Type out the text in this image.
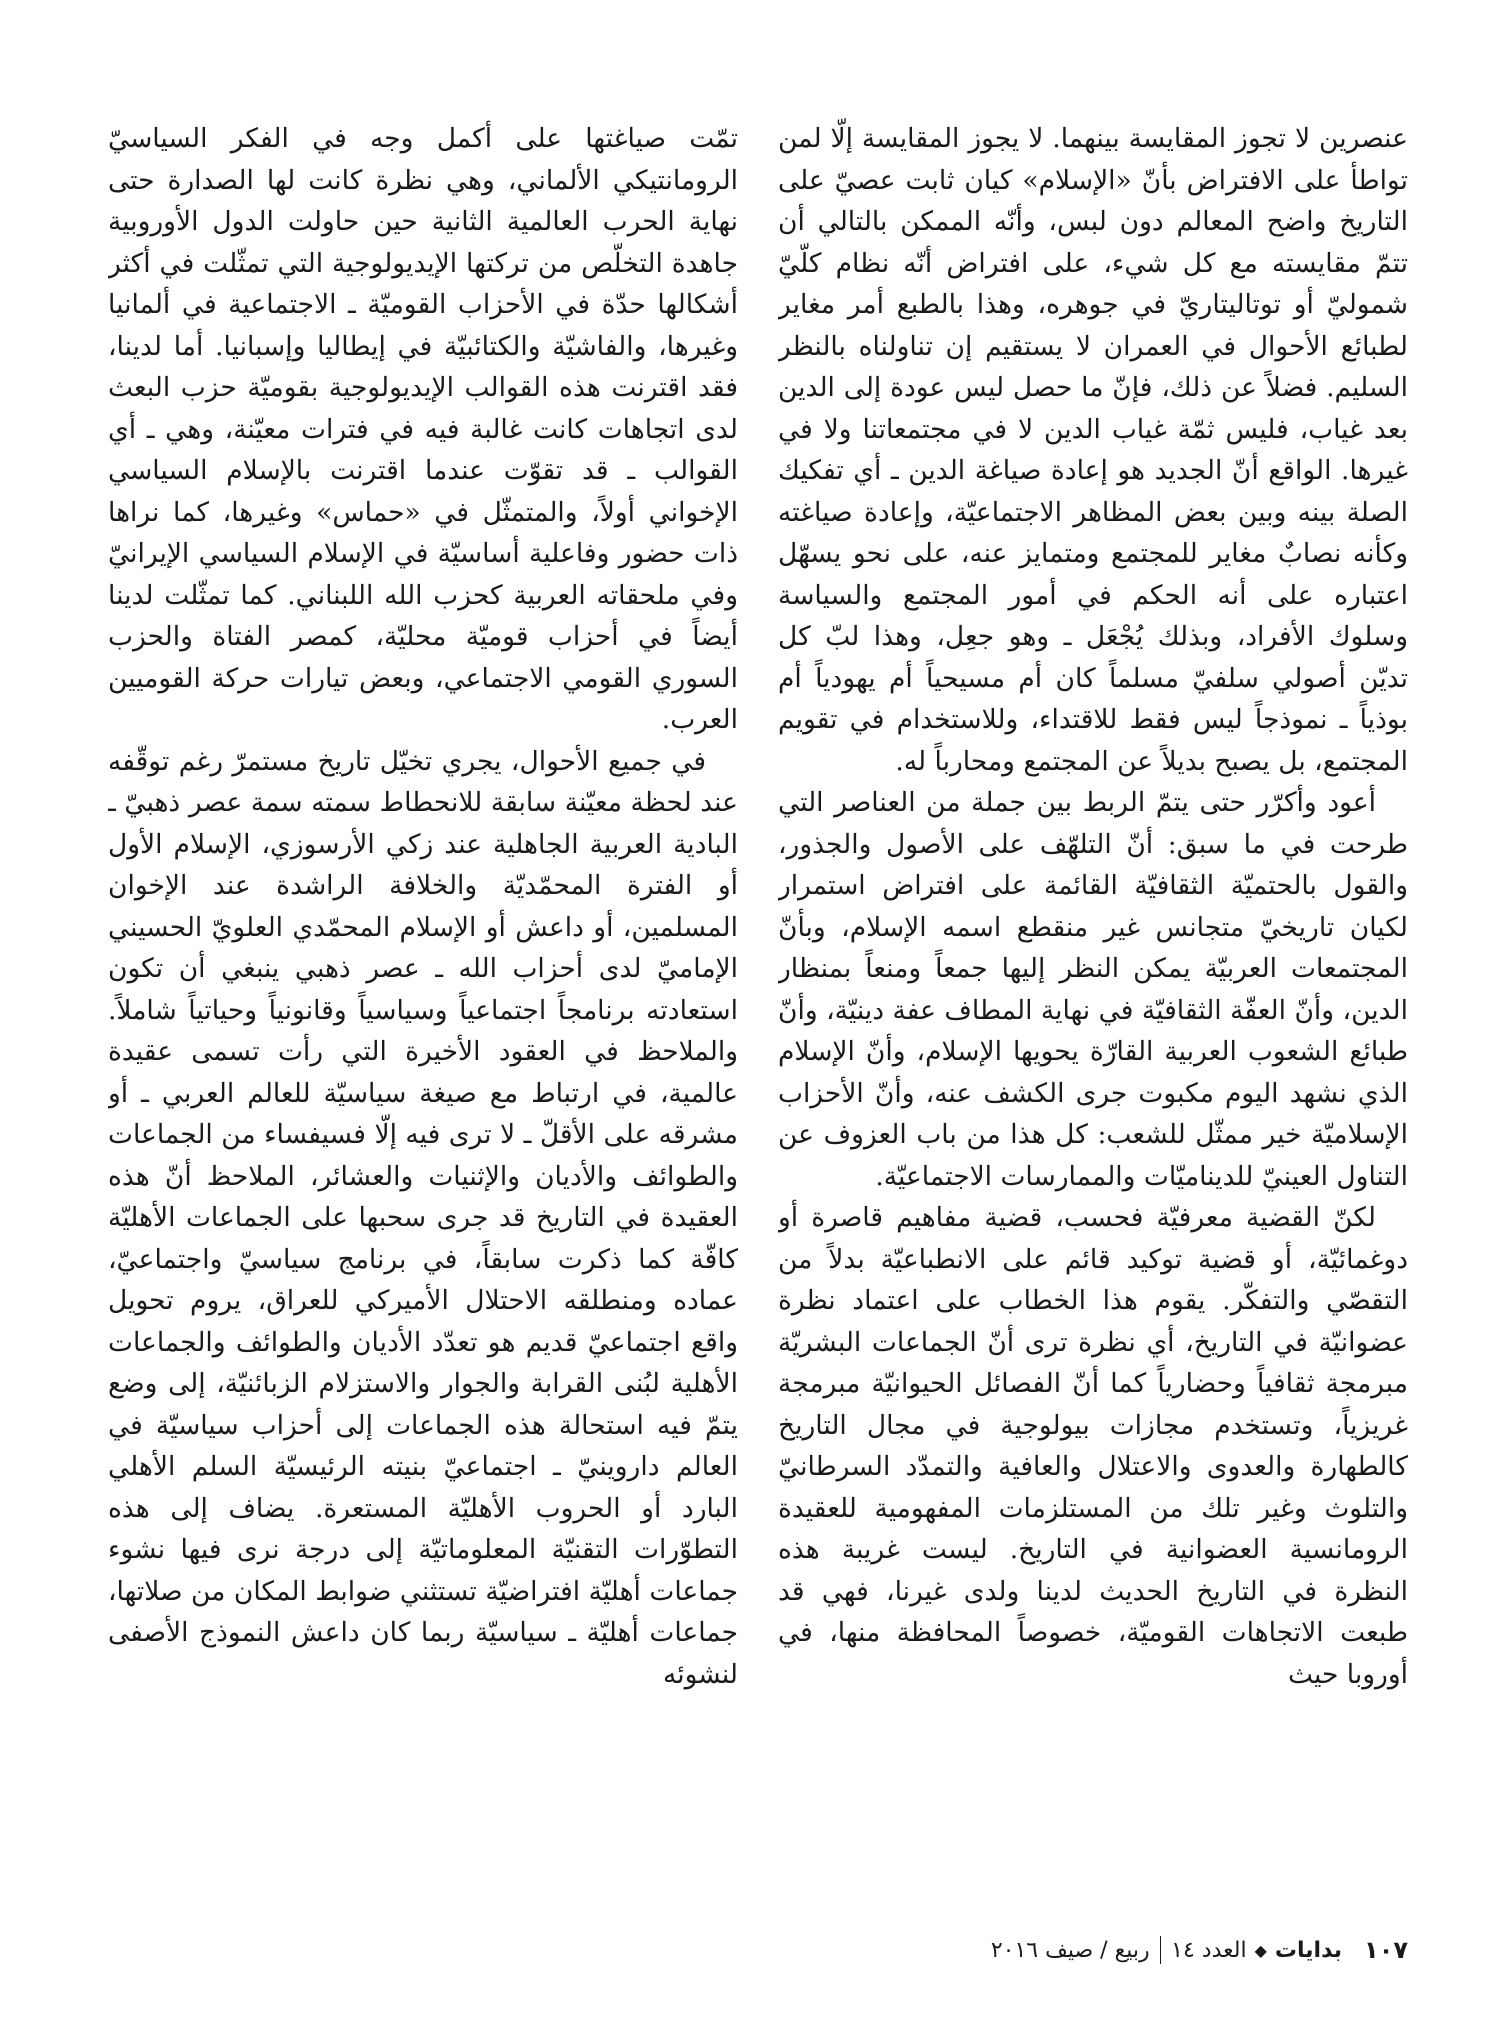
عنصرين لا تجوز المقايسة بينهما. لا يجوز المقايسة إلّا لمن تواطأ على الافتراض بأنّ «الإسلام» كيان ثابت عصيّ على التاريخ واضح المعالم دون لبس، وأنّه الممكن بالتالي أن تتمّ مقايسته مع كل شيء، على افتراض أنّه نظام كلّيّ شموليّ أو توتاليتاريّ في جوهره، وهذا بالطبع أمر مغاير لطبائع الأحوال في العمران لا يستقيم إن تناولناه بالنظر السليم. فضلاً عن ذلك، فإنّ ما حصل ليس عودة إلى الدين بعد غياب، فليس ثمّة غياب الدين لا في مجتمعاتنا ولا في غيرها. الواقع أنّ الجديد هو إعادة صياغة الدين ـ أي تفكيك الصلة بينه وبين بعض المظاهر الاجتماعيّة، وإعادة صياغته وكأنه نصابٌ مغاير للمجتمع ومتمايز عنه، على نحو يسهّل اعتباره على أنه الحكم في أمور المجتمع والسياسة وسلوك الأفراد، وبذلك يُجْعَل ـ وهو جعِل، وهذا لبّ كل تديّن أصولي سلفيّ مسلماً كان أم مسيحياً أم يهودياً أم بوذياً ـ نموذجاً ليس فقط للاقتداء، وللاستخدام في تقويم المجتمع، بل يصبح بديلاً عن المجتمع ومحارباً له.

أعود وأكرّر حتى يتمّ الربط بين جملة من العناصر التي طرحت في ما سبق: أنّ التلهّف على الأصول والجذور، والقول بالحتميّة الثقافيّة القائمة على افتراض استمرار لكيان تاريخيّ متجانس غير منقطع اسمه الإسلام، وبأنّ المجتمعات العربيّة يمكن النظر إليها جمعاً ومنعاً بمنظار الدين، وأنّ العفّة الثقافيّة في نهاية المطاف عفة دينيّة، وأنّ طبائع الشعوب العربية القارّة يحويها الإسلام، وأنّ الإسلام الذي نشهد اليوم مكبوت جرى الكشف عنه، وأنّ الأحزاب الإسلاميّة خير ممثّل للشعب: كل هذا من باب العزوف عن التناول العينيّ للديناميّات والممارسات الاجتماعيّة.

لكنّ القضية معرفيّة فحسب، قضية مفاهيم قاصرة أو دوغمائيّة، أو قضية توكيد قائم على الانطباعيّة بدلاً من التقصّي والتفكّر. يقوم هذا الخطاب على اعتماد نظرة عضوانيّة في التاريخ، أي نظرة ترى أنّ الجماعات البشريّة مبرمجة ثقافياً وحضارياً كما أنّ الفصائل الحيوانيّة مبرمجة غريزياً، وتستخدم مجازات بيولوجية في مجال التاريخ كالطهارة والعدوى والاعتلال والعافية والتمدّد السرطانيّ والتلوث وغير تلك من المستلزمات المفهومية للعقيدة الرومانسية العضوانية في التاريخ. ليست غريبة هذه النظرة في التاريخ الحديث لدينا ولدى غيرنا، فهي قد طبعت الاتجاهات القوميّة، خصوصاً المحافظة منها، في أوروبا حيث

تمّت صياغتها على أكمل وجه في الفكر السياسيّ الرومانتيكي الألماني، وهي نظرة كانت لها الصدارة حتى نهاية الحرب العالمية الثانية حين حاولت الدول الأوروبية جاهدة التخلّص من تركتها الإيديولوجية التي تمثّلت في أكثر أشكالها حدّة في الأحزاب القوميّة ـ الاجتماعية في ألمانيا وغيرها، والفاشيّة والكتائبيّة في إيطاليا وإسبانيا. أما لدينا، فقد اقترنت هذه القوالب الإيديولوجية بقوميّة حزب البعث لدى اتجاهات كانت غالبة فيه في فترات معيّنة، وهي ـ أي القوالب ـ قد تقوّت عندما اقترنت بالإسلام السياسي الإخواني أولاً، والمتمثّل في «حماس» وغيرها، كما نراها ذات حضور وفاعلية أساسيّة في الإسلام السياسي الإيرانيّ وفي ملحقاته العربية كحزب الله اللبناني. كما تمثّلت لدينا أيضاً في أحزاب قوميّة محليّة، كمصر الفتاة والحزب السوري القومي الاجتماعي، وبعض تيارات حركة القوميين العرب.

في جميع الأحوال، يجري تخيّل تاريخ مستمرّ رغم توقّفه عند لحظة معيّنة سابقة للانحطاط سمته سمة عصر ذهبيّ ـ البادية العربية الجاهلية عند زكي الأرسوزي، الإسلام الأول أو الفترة المحمّديّة والخلافة الراشدة عند الإخوان المسلمين، أو داعش أو الإسلام المحمّدي العلويّ الحسيني الإماميّ لدى أحزاب الله ـ عصر ذهبي ينبغي أن تكون استعادته برنامجاً اجتماعياً وسياسياً وقانونياً وحياتياً شاملاً. والملاحظ في العقود الأخيرة التي رأت تسمى عقيدة عالمية، في ارتباط مع صيغة سياسيّة للعالم العربي ـ أو مشرقه على الأقلّ ـ لا ترى فيه إلّا فسيفساء من الجماعات والطوائف والأديان والإثنيات والعشائر، الملاحظ أنّ هذه العقيدة في التاريخ قد جرى سحبها على الجماعات الأهليّة كافّة كما ذكرت سابقاً، في برنامج سياسيّ واجتماعيّ، عماده ومنطلقه الاحتلال الأميركي للعراق، يروم تحويل واقع اجتماعيّ قديم هو تعدّد الأديان والطوائف والجماعات الأهلية لبُنى القرابة والجوار والاستزلام الزبائنيّة، إلى وضع يتمّ فيه استحالة هذه الجماعات إلى أحزاب سياسيّة في العالم داروينيّ ـ اجتماعيّ بنيته الرئيسيّة السلم الأهلي البارد أو الحروب الأهليّة المستعرة. يضاف إلى هذه التطوّرات التقنيّة المعلوماتيّة إلى درجة نرى فيها نشوء جماعات أهليّة افتراضيّة تستثني ضوابط المكان من صلاتها، جماعات أهليّة ـ سياسيّة ربما كان داعش النموذج الأصفى لنشوئه

١٠٧
بدايات
◆
العدد ١٤
ربيع / صيف ٢٠١٦
